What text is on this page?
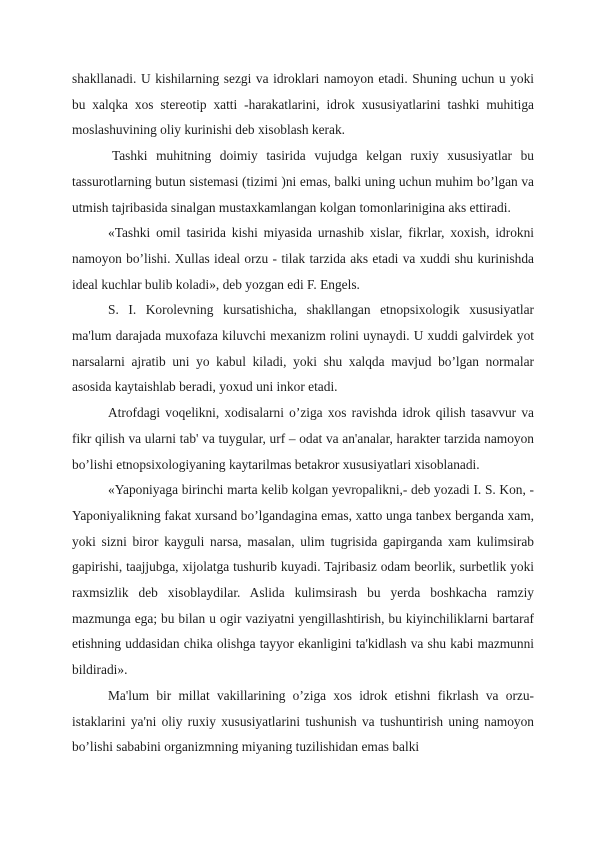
shakllanadi. U kishilarning sezgi va idroklari namoyon etadi. Shuning uchun u yoki bu xalqka xos stereotip xatti -harakatlarini, idrok xususiyatlarini tashki muhitiga moslashuvining oliy kurinishi deb xisoblash kerak.

Tashki muhitning doimiy tasirida vujudga kelgan ruxiy xususiyatlar bu tassurotlarning butun sistemasi (tizimi )ni emas, balki uning uchun muhim bo’lgan va utmish tajribasida sinalgan mustaxkamlangan kolgan tomonlarinigina aks ettiradi.

«Tashki omil tasirida kishi miyasida urnashib xislar, fikrlar, xoxish, idrokni namoyon bo’lishi. Xullas ideal orzu - tilak tarzida aks etadi va xuddi shu kurinishda ideal kuchlar bulib koladi», deb yozgan edi F. Engels.

S. I. Korolevning kursatishicha, shakllangan etnopsixologik xususiyatlar ma'lum darajada muxofaza kiluvchi mexanizm rolini uynaydi. U xuddi galvirdek yot narsalarni ajratib uni yo kabul kiladi, yoki shu xalqda mavjud bo’lgan normalar asosida kaytaishlab beradi, yoxud uni inkor etadi.

Atrofdagi voqelikni, xodisalarni o’ziga xos ravishda idrok qilish tasavvur va fikr qilish va ularni tab' va tuygular, urf – odat va an'analar, harakter tarzida namoyon bo’lishi etnopsixologiyaning kaytarilmas betakror xususiyatlari xisoblanadi.

«Yaponiyaga birinchi marta kelib kolgan yevropalikni,- deb yozadi I. S. Kon, -Yaponiyalikning fakat xursand bo’lgandagina emas, xatto unga tanbex berganda xam, yoki sizni biror kayguli narsa, masalan, ulim tugrisida gapirganda xam kulimsirab gapirishi, taajjubga, xijolatga tushurib kuyadi. Tajribasiz odam beorlik, surbetlik yoki raxmsizlik deb xisoblaydilar. Aslida kulimsirash bu yerda boshkacha ramziy mazmunga ega; bu bilan u ogir vaziyatni yengillashtirish, bu kiyinchiliklarni bartaraf etishning uddasidan chika olishga tayyor ekanligini ta'kidlash va shu kabi mazmunni bildiradi».

Ma'lum bir millat vakillarining o’ziga xos idrok etishni fikrlash va orzu-istaklarini ya'ni oliy ruxiy xususiyatlarini tushunish va tushuntirish uning namoyon bo’lishi sababini organizmning miyaning tuzilishidan emas balki
